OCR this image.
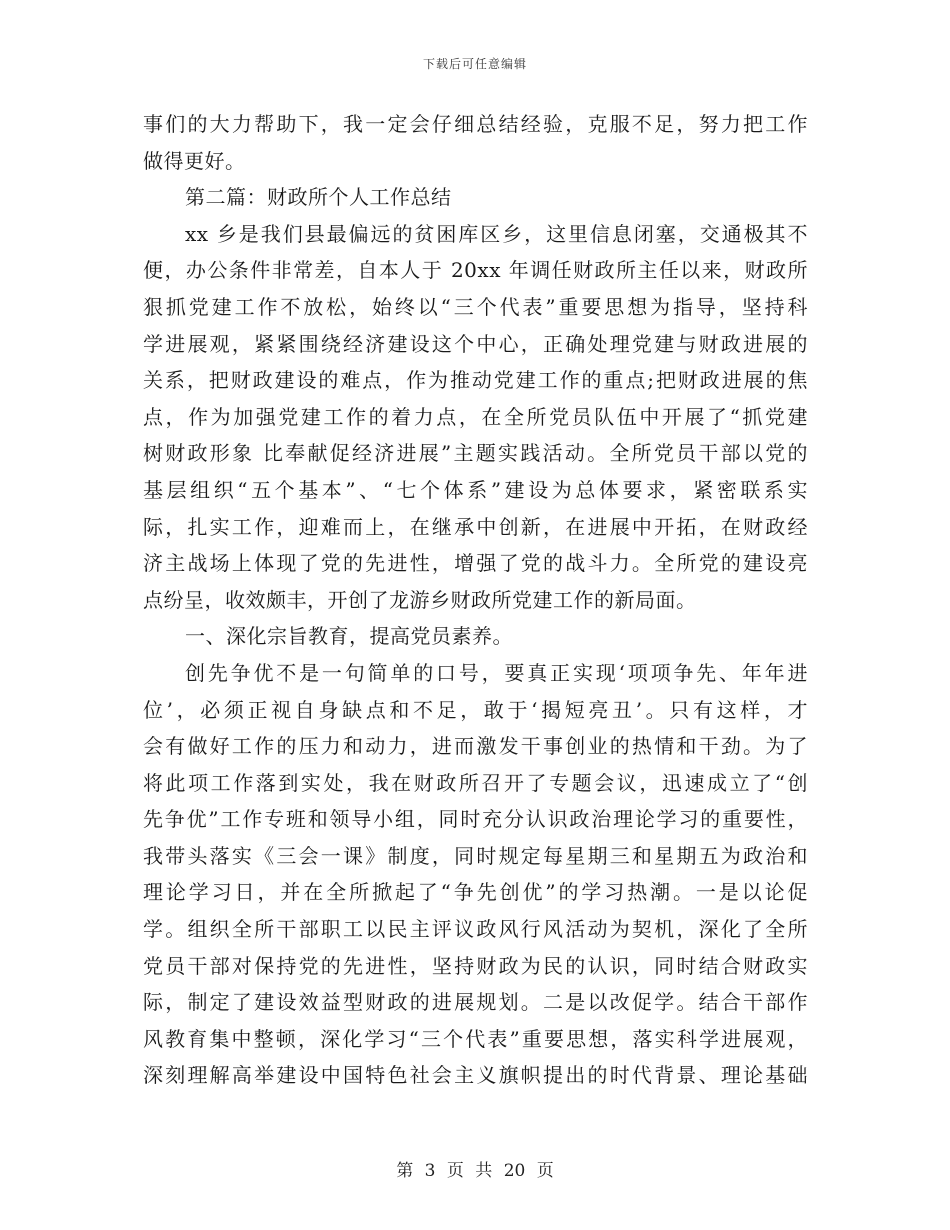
下载后可任意编辑
事们的大力帮助下，我一定会仔细总结经验，克服不足，努力把工作
做得更好。
第二篇：财政所个人工作总结
xx 乡是我们县最偏远的贫困库区乡，这里信息闭塞，交通极其不
便，办公条件非常差，自本人于 20xx 年调任财政所主任以来，财政所
狠抓党建工作不放松，始终以“三个代表”重要思想为指导，坚持科
学进展观，紧紧围绕经济建设这个中心，正确处理党建与财政进展的
关系，把财政建设的难点，作为推动党建工作的重点;把财政进展的焦
点，作为加强党建工作的着力点，在全所党员队伍中开展了“抓党建
树财政形象 比奉献促经济进展”主题实践活动。全所党员干部以党的
基层组织“五个基本”、“七个体系”建设为总体要求，紧密联系实
际，扎实工作，迎难而上，在继承中创新，在进展中开拓，在财政经
济主战场上体现了党的先进性，增强了党的战斗力。全所党的建设亮
点纷呈，收效颇丰，开创了龙游乡财政所党建工作的新局面。
一、深化宗旨教育，提高党员素养。
创先争优不是一句简单的口号，要真正实现‘项项争先、年年进
位’，必须正视自身缺点和不足，敢于‘揭短亮丑’。只有这样，才
会有做好工作的压力和动力，进而激发干事创业的热情和干劲。为了
将此项工作落到实处，我在财政所召开了专题会议，迅速成立了“创
先争优”工作专班和领导小组，同时充分认识政治理论学习的重要性，
我带头落实《三会一课》制度，同时规定每星期三和星期五为政治和
理论学习日，并在全所掀起了“争先创优”的学习热潮。一是以论促
学。组织全所干部职工以民主评议政风行风活动为契机，深化了全所
党员干部对保持党的先进性，坚持财政为民的认识，同时结合财政实
际，制定了建设效益型财政的进展规划。二是以改促学。结合干部作
风教育集中整顿，深化学习“三个代表”重要思想，落实科学进展观，
深刻理解高举建设中国特色社会主义旗帜提出的时代背景、理论基础
第 3 页 共 20 页
